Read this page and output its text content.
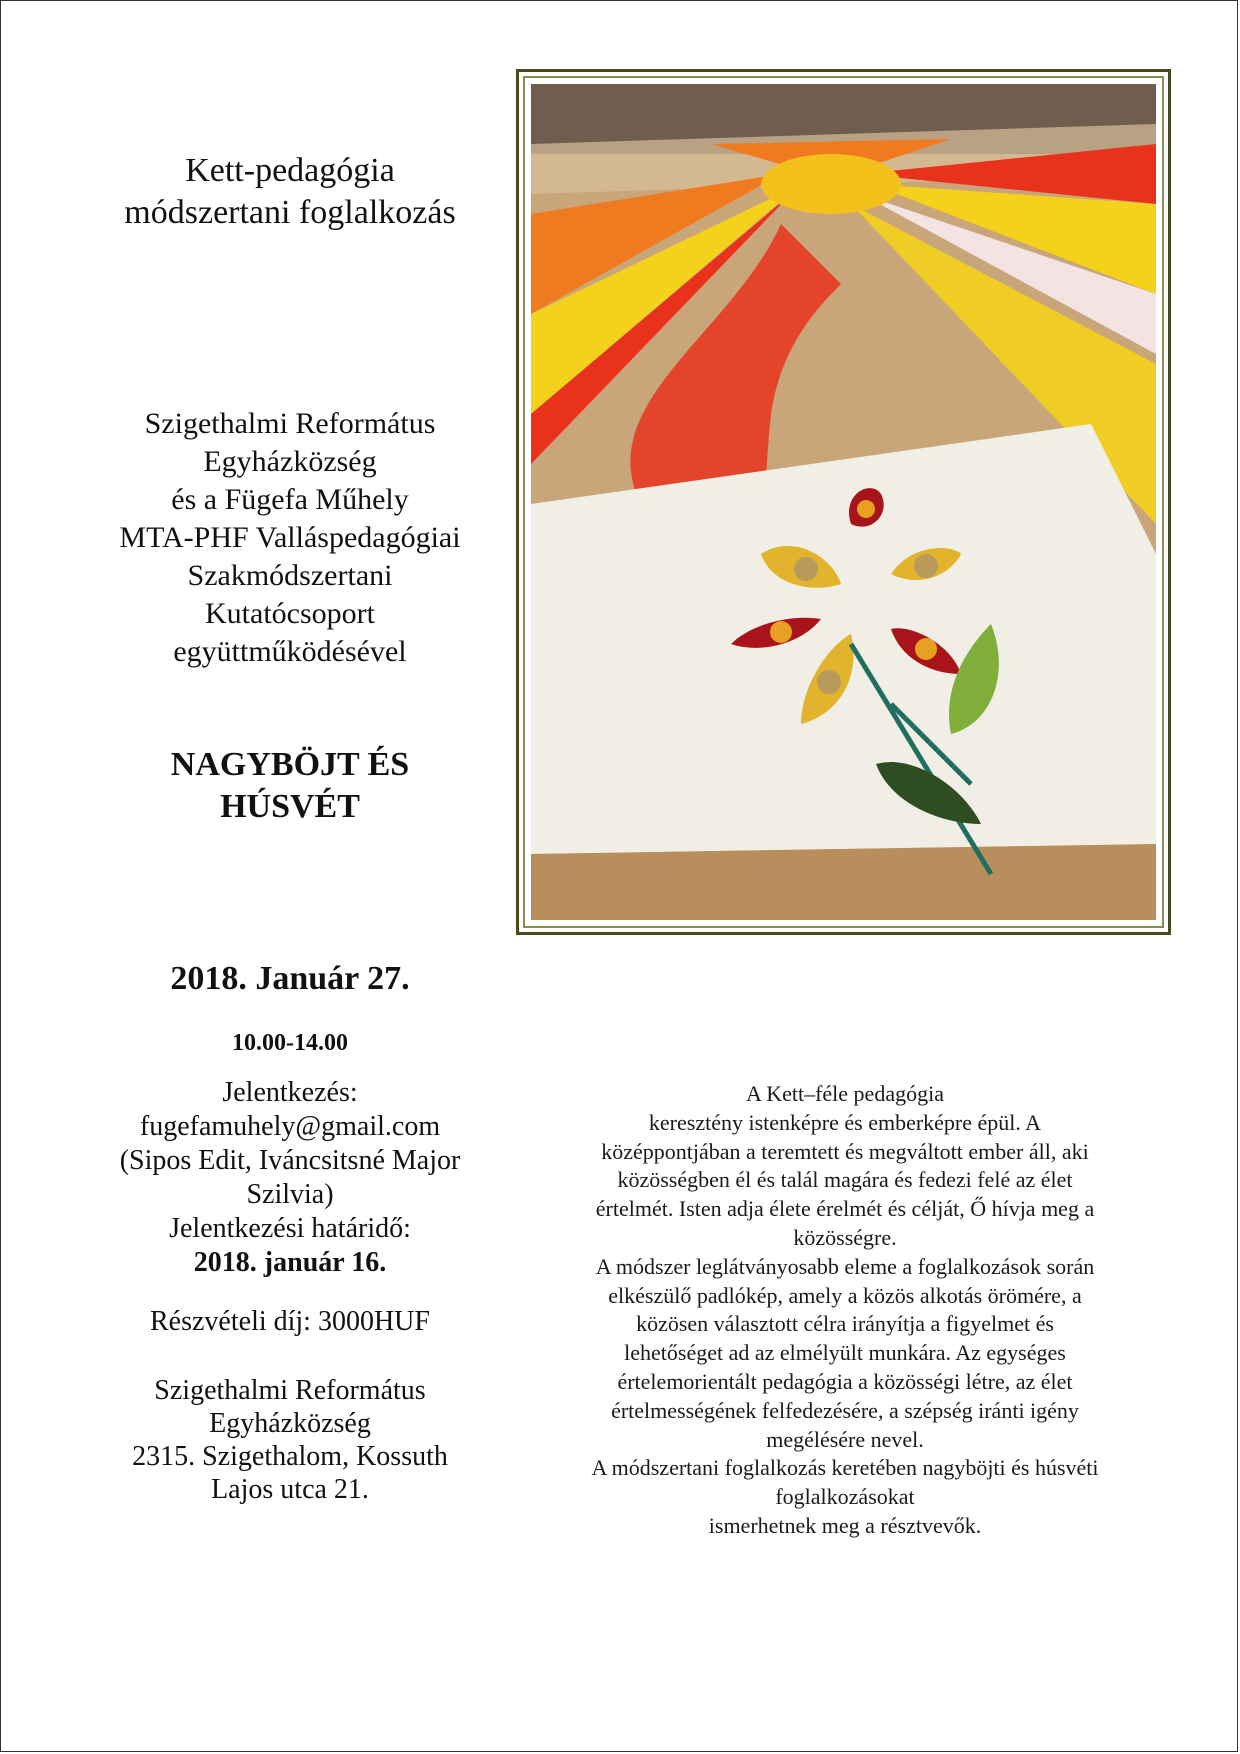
Kett-pedagógia
módszertani foglalkozás
Szigethalmi Református
Egyházközség
és a Fügefa Műhely
MTA-PHF Valláspedagógiai
Szakmódszertani
Kutatócsoport
együttműködésével
NAGYBÖJT ÉS
HÚSVÉT
2018. Január 27.
10.00-14.00
Jelentkezés:
fugefamuhely@gmail.com
(Sipos Edit, Iváncsitsné Major
Szilvia)
Jelentkezési határidő:
2018. január 16.
Részvételi díj: 3000HUF
Szigethalmi Református
Egyházközség
2315. Szigethalom, Kossuth
Lajos utca 21.

A Kett–féle pedagógia

keresztény istenképre és emberképre épül. A

középpontjában a teremtett és megváltott ember áll, aki

közösségben él és talál magára és fedezi felé az élet

értelmét. Isten adja élete érelmét és célját, Ő hívja meg a

közösségre.

A módszer leglátványosabb eleme a foglalkozások során

elkészülő padlókép, amely a közös alkotás örömére, a

közösen választott célra irányítja a figyelmet és

lehetőséget ad az elmélyült munkára. Az egységes

értelemorientált pedagógia a közösségi létre, az élet

értelmességének felfedezésére, a szépség iránti igény

megélésére nevel.

A módszertani foglalkozás keretében nagyböjti és húsvéti

foglalkozásokat

ismerhetnek meg a résztvevők.
